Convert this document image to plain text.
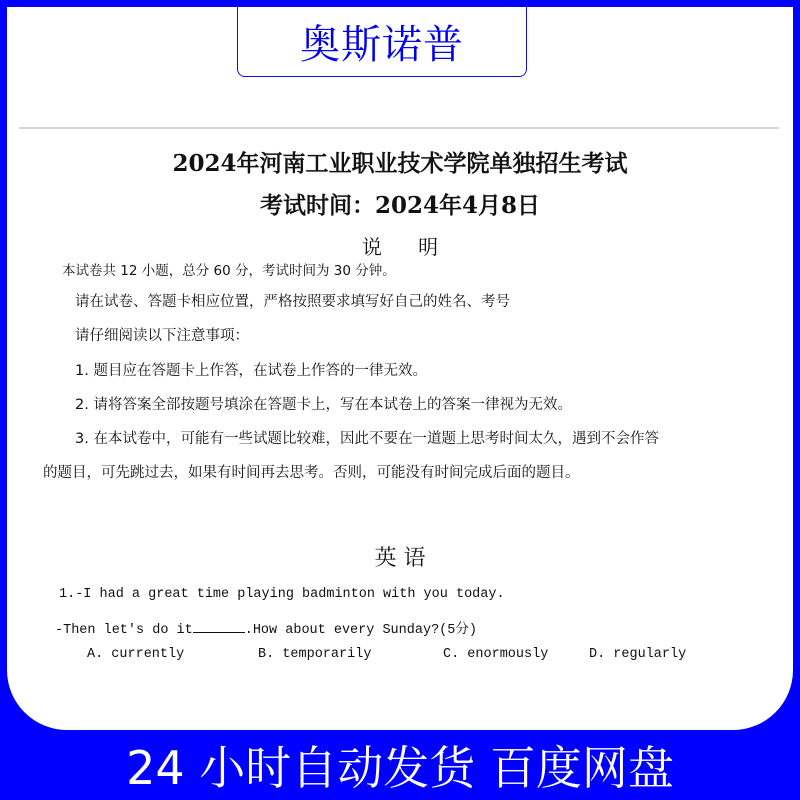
奥斯诺普
2024年河南工业职业技术学院单独招生考试
考试时间：2024年4月8日
说 明
本试卷共 12 小题，总分 60 分，考试时间为 30 分钟。
请在试卷、答题卡相应位置，严格按照要求填写好自己的姓名、考号
请仔细阅读以下注意事项：
1. 题目应在答题卡上作答，在试卷上作答的一律无效。
2. 请将答案全部按题号填涂在答题卡上，写在本试卷上的答案一律视为无效。
3. 在本试卷中，可能有一些试题比较难，因此不要在一道题上思考时间太久，遇到不会作答
的题目，可先跳过去，如果有时间再去思考。否则，可能没有时间完成后面的题目。
英 语
1.-I had a great time playing badminton with you today.
-Then let's do it	.How about every Sunday?(5分)
A. currently	B. temporarily	C. enormously	D. regularly
24 小时自动发货 百度网盘
